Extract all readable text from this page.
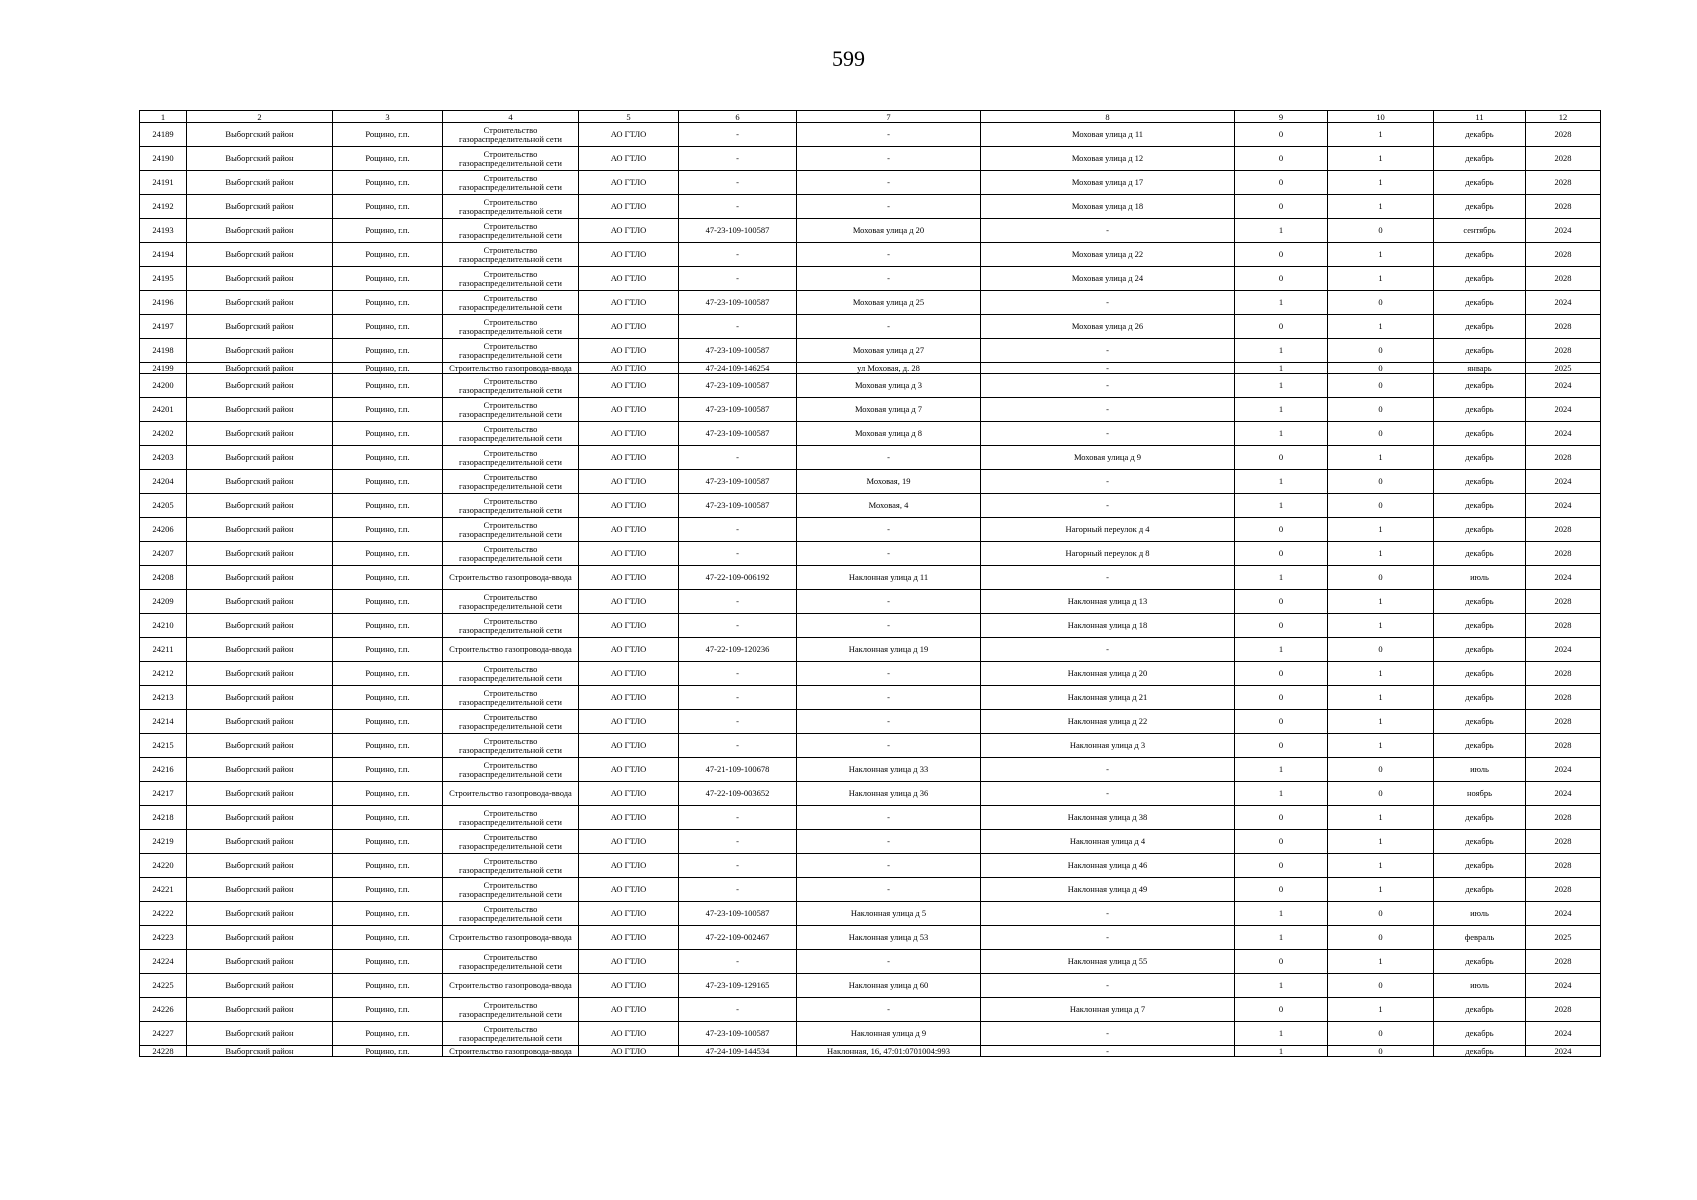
599
1	2	3	4	5	6	7	8	9	10	11	12
24189	Выборгский район	Рощино, г.п.	Строительство газораспределительной сети	АО ГТЛО	-	-	Моховая улица д 11	0	1	декабрь	2028
24190	Выборгский район	Рощино, г.п.	Строительство газораспределительной сети	АО ГТЛО	-	-	Моховая улица д 12	0	1	декабрь	2028
24191	Выборгский район	Рощино, г.п.	Строительство газораспределительной сети	АО ГТЛО	-	-	Моховая улица д 17	0	1	декабрь	2028
24192	Выборгский район	Рощино, г.п.	Строительство газораспределительной сети	АО ГТЛО	-	-	Моховая улица д 18	0	1	декабрь	2028
24193	Выборгский район	Рощино, г.п.	Строительство газораспределительной сети	АО ГТЛО	47-23-109-100587	Моховая улица д 20	-	1	0	сентябрь	2024
24194	Выборгский район	Рощино, г.п.	Строительство газораспределительной сети	АО ГТЛО	-	-	Моховая улица д 22	0	1	декабрь	2028
24195	Выборгский район	Рощино, г.п.	Строительство газораспределительной сети	АО ГТЛО	-	-	Моховая улица д 24	0	1	декабрь	2028
24196	Выборгский район	Рощино, г.п.	Строительство газораспределительной сети	АО ГТЛО	47-23-109-100587	Моховая улица д 25	-	1	0	декабрь	2024
24197	Выборгский район	Рощино, г.п.	Строительство газораспределительной сети	АО ГТЛО	-	-	Моховая улица д 26	0	1	декабрь	2028
24198	Выборгский район	Рощино, г.п.	Строительство газораспределительной сети	АО ГТЛО	47-23-109-100587	Моховая улица д 27	-	1	0	декабрь	2028
24199	Выборгский район	Рощино, г.п.	Строительство газопровода-ввода	АО ГТЛО	47-24-109-146254	ул Моховая, д. 28	-	1	0	январь	2025
24200	Выборгский район	Рощино, г.п.	Строительство газораспределительной сети	АО ГТЛО	47-23-109-100587	Моховая улица д 3	-	1	0	декабрь	2024
24201	Выборгский район	Рощино, г.п.	Строительство газораспределительной сети	АО ГТЛО	47-23-109-100587	Моховая улица д 7	-	1	0	декабрь	2024
24202	Выборгский район	Рощино, г.п.	Строительство газораспределительной сети	АО ГТЛО	47-23-109-100587	Моховая улица д 8	-	1	0	декабрь	2024
24203	Выборгский район	Рощино, г.п.	Строительство газораспределительной сети	АО ГТЛО	-	-	Моховая улица д 9	0	1	декабрь	2028
24204	Выборгский район	Рощино, г.п.	Строительство газораспределительной сети	АО ГТЛО	47-23-109-100587	Моховая, 19	-	1	0	декабрь	2024
24205	Выборгский район	Рощино, г.п.	Строительство газораспределительной сети	АО ГТЛО	47-23-109-100587	Моховая, 4	-	1	0	декабрь	2024
24206	Выборгский район	Рощино, г.п.	Строительство газораспределительной сети	АО ГТЛО	-	-	Нагорный переулок д 4	0	1	декабрь	2028
24207	Выборгский район	Рощино, г.п.	Строительство газораспределительной сети	АО ГТЛО	-	-	Нагорный переулок д 8	0	1	декабрь	2028
24208	Выборгский район	Рощино, г.п.	Строительство газопровода-ввода	АО ГТЛО	47-22-109-006192	Наклонная улица д 11	-	1	0	июль	2024
24209	Выборгский район	Рощино, г.п.	Строительство газораспределительной сети	АО ГТЛО	-	-	Наклонная улица д 13	0	1	декабрь	2028
24210	Выборгский район	Рощино, г.п.	Строительство газораспределительной сети	АО ГТЛО	-	-	Наклонная улица д 18	0	1	декабрь	2028
24211	Выборгский район	Рощино, г.п.	Строительство газопровода-ввода	АО ГТЛО	47-22-109-120236	Наклонная улица д 19	-	1	0	декабрь	2024
24212	Выборгский район	Рощино, г.п.	Строительство газораспределительной сети	АО ГТЛО	-	-	Наклонная улица д 20	0	1	декабрь	2028
24213	Выборгский район	Рощино, г.п.	Строительство газораспределительной сети	АО ГТЛО	-	-	Наклонная улица д 21	0	1	декабрь	2028
24214	Выборгский район	Рощино, г.п.	Строительство газораспределительной сети	АО ГТЛО	-	-	Наклонная улица д 22	0	1	декабрь	2028
24215	Выборгский район	Рощино, г.п.	Строительство газораспределительной сети	АО ГТЛО	-	-	Наклонная улица д 3	0	1	декабрь	2028
24216	Выборгский район	Рощино, г.п.	Строительство газораспределительной сети	АО ГТЛО	47-21-109-100678	Наклонная улица д 33	-	1	0	июль	2024
24217	Выборгский район	Рощино, г.п.	Строительство газопровода-ввода	АО ГТЛО	47-22-109-003652	Наклонная улица д 36	-	1	0	ноябрь	2024
24218	Выборгский район	Рощино, г.п.	Строительство газораспределительной сети	АО ГТЛО	-	-	Наклонная улица д 38	0	1	декабрь	2028
24219	Выборгский район	Рощино, г.п.	Строительство газораспределительной сети	АО ГТЛО	-	-	Наклонная улица д 4	0	1	декабрь	2028
24220	Выборгский район	Рощино, г.п.	Строительство газораспределительной сети	АО ГТЛО	-	-	Наклонная улица д 46	0	1	декабрь	2028
24221	Выборгский район	Рощино, г.п.	Строительство газораспределительной сети	АО ГТЛО	-	-	Наклонная улица д 49	0	1	декабрь	2028
24222	Выборгский район	Рощино, г.п.	Строительство газораспределительной сети	АО ГТЛО	47-23-109-100587	Наклонная улица д 5	-	1	0	июль	2024
24223	Выборгский район	Рощино, г.п.	Строительство газопровода-ввода	АО ГТЛО	47-22-109-002467	Наклонная улица д 53	-	1	0	февраль	2025
24224	Выборгский район	Рощино, г.п.	Строительство газораспределительной сети	АО ГТЛО	-	-	Наклонная улица д 55	0	1	декабрь	2028
24225	Выборгский район	Рощино, г.п.	Строительство газопровода-ввода	АО ГТЛО	47-23-109-129165	Наклонная улица д 60	-	1	0	июль	2024
24226	Выборгский район	Рощино, г.п.	Строительство газораспределительной сети	АО ГТЛО	-	-	Наклонная улица д 7	0	1	декабрь	2028
24227	Выборгский район	Рощино, г.п.	Строительство газораспределительной сети	АО ГТЛО	47-23-109-100587	Наклонная улица д 9	-	1	0	декабрь	2024
24228	Выборгский район	Рощино, г.п.	Строительство газопровода-ввода	АО ГТЛО	47-24-109-144534	Наклонная, 16, 47:01:0701004:993	-	1	0	декабрь	2024
